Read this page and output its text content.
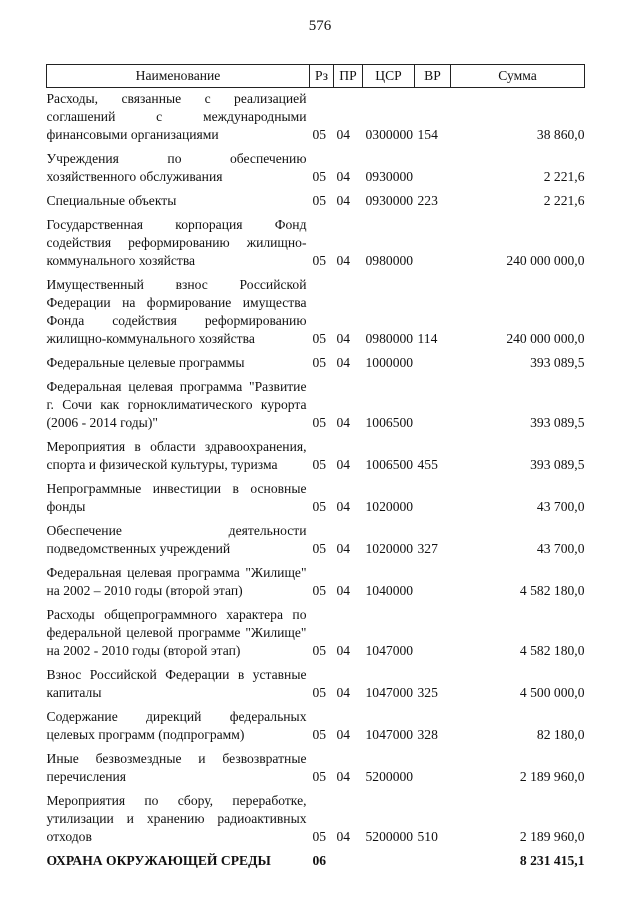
576
Наименование	Рз	ПР	ЦСР	ВР	Сумма
Расходы, связанные с реализацией соглашений с международными финансовыми организациями	05	04	0300000	154	38 860,0
Учреждения по обеспечению хозяйственного обслуживания	05	04	0930000		2 221,6
Специальные объекты	05	04	0930000	223	2 221,6
Государственная корпорация Фонд содействия реформированию жилищно-коммунального хозяйства	05	04	0980000		240 000 000,0
Имущественный взнос Российской Федерации на формирование имущества Фонда содействия реформированию жилищно-коммунального хозяйства	05	04	0980000	114	240 000 000,0
Федеральные целевые программы	05	04	1000000		393 089,5
Федеральная целевая программа "Развитие г. Сочи как горноклиматического курорта (2006 - 2014 годы)"	05	04	1006500		393 089,5
Мероприятия в области здравоохранения, спорта и физической культуры, туризма	05	04	1006500	455	393 089,5
Непрограммные инвестиции в основные фонды	05	04	1020000		43 700,0
Обеспечение деятельности подведомственных учреждений	05	04	1020000	327	43 700,0
Федеральная целевая программа "Жилище" на 2002 – 2010 годы (второй этап)	05	04	1040000		4 582 180,0
Расходы общепрограммного характера по федеральной целевой программе "Жилище" на 2002 - 2010 годы (второй этап)	05	04	1047000		4 582 180,0
Взнос Российской Федерации в уставные капиталы	05	04	1047000	325	4 500 000,0
Содержание дирекций федеральных целевых программ (подпрограмм)	05	04	1047000	328	82 180,0
Иные безвозмездные и безвозвратные перечисления	05	04	5200000		2 189 960,0
Мероприятия по сбору, переработке, утилизации и хранению радиоактивных отходов	05	04	5200000	510	2 189 960,0
ОХРАНА ОКРУЖАЮЩЕЙ СРЕДЫ	06				8 231 415,1
